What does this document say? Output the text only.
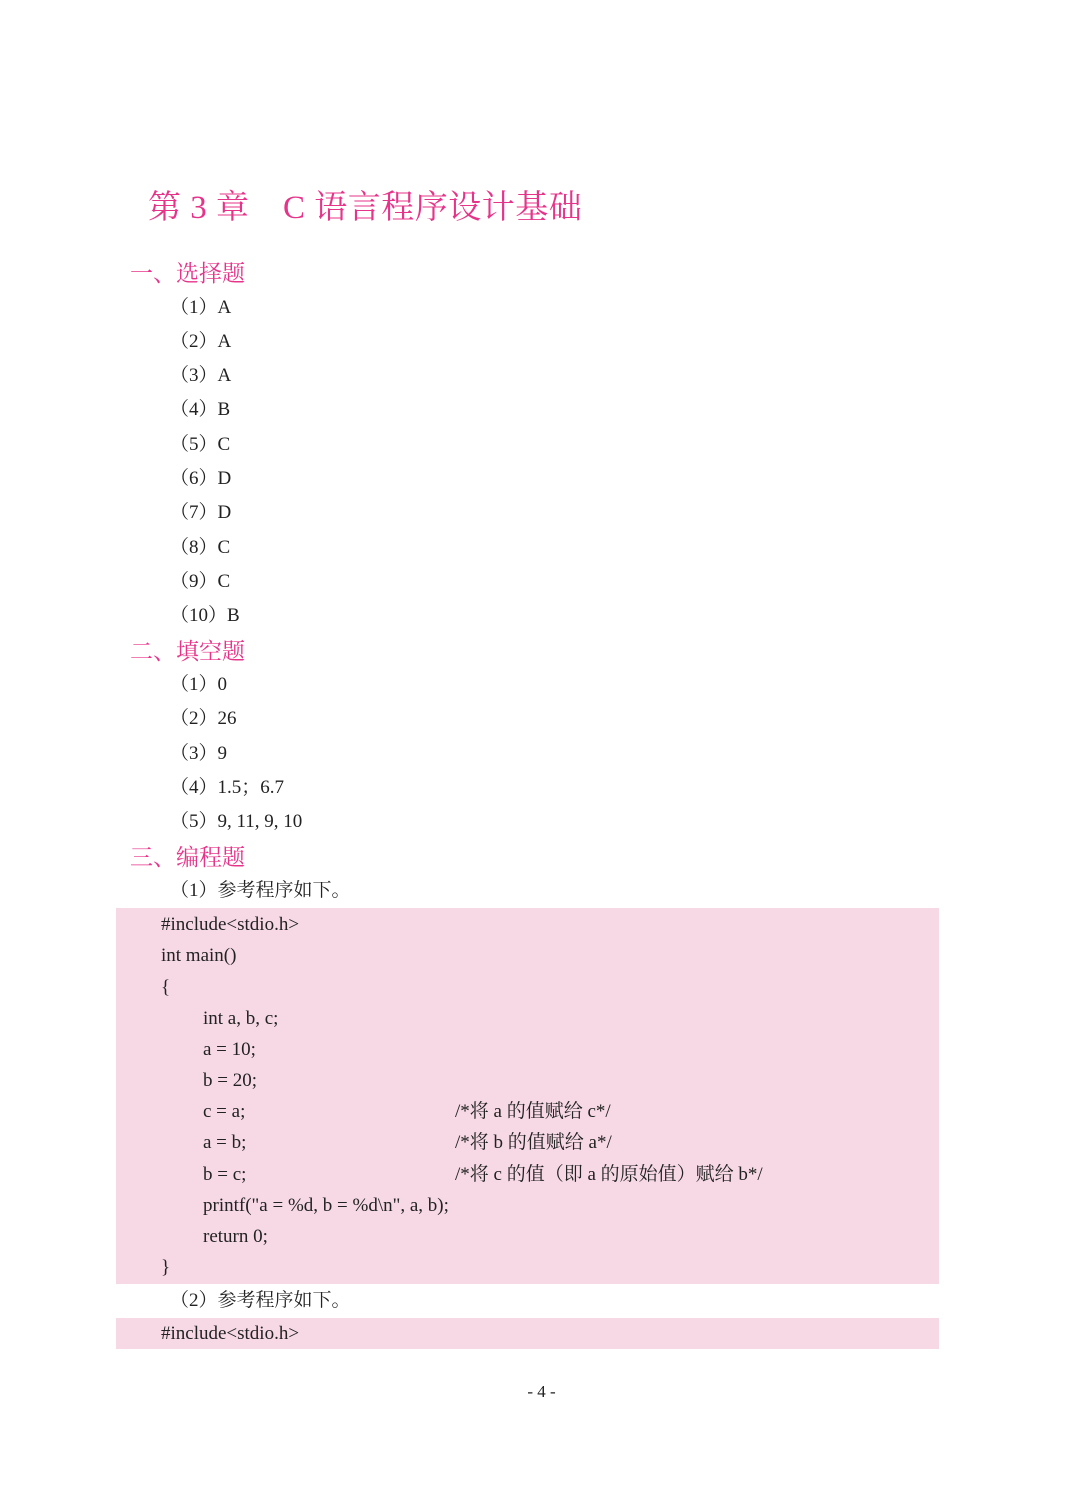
第 3 章　C 语言程序设计基础
一、选择题
（1）A
（2）A
（3）A
（4）B
（5）C
（6）D
（7）D
（8）C
（9）C
（10）B
二、填空题
（1）0
（2）26
（3）9
（4）1.5；6.7
（5）9, 11, 9, 10
三、编程题
（1）参考程序如下。
#include<stdio.h>
int main()
{
int a, b, c;
a = 10;
b = 20;
c = a;	/*将 a 的值赋给 c*/
a = b;	/*将 b 的值赋给 a*/
b = c;	/*将 c 的值（即 a 的原始值）赋给 b*/
printf("a = %d, b = %d\n", a, b);
return 0;
}
（2）参考程序如下。
#include<stdio.h>
- 4 -
